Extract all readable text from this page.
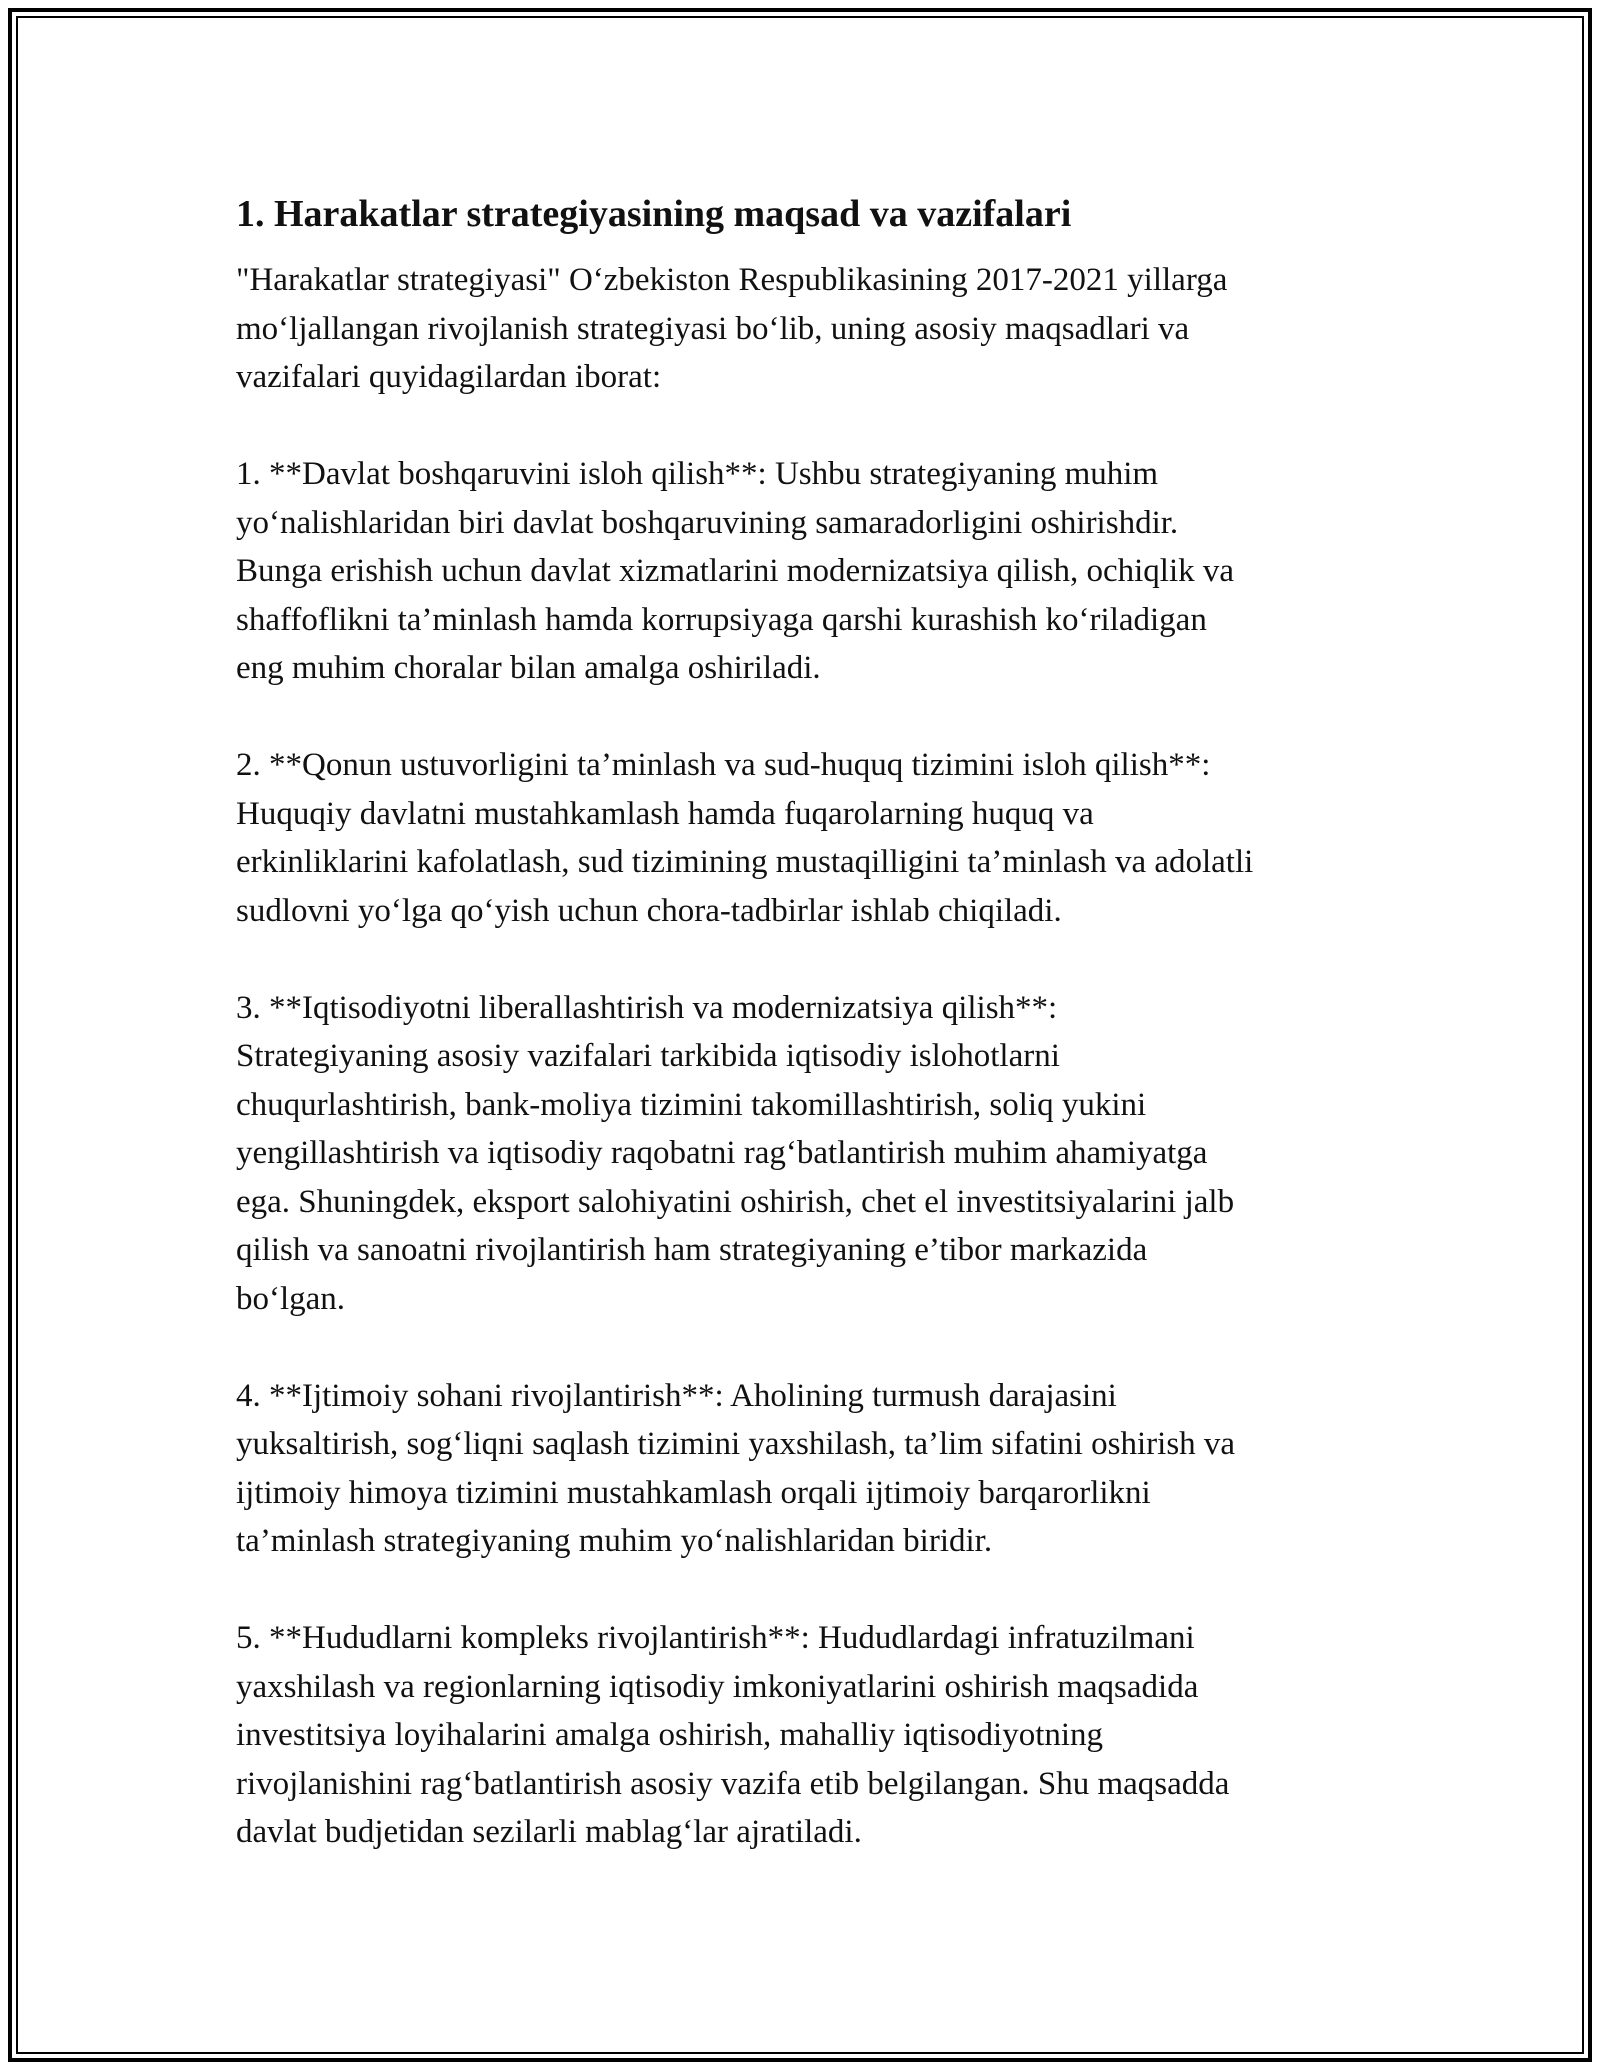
1. Harakatlar strategiyasining maqsad va vazifalari

"Harakatlar strategiyasi" O‘zbekiston Respublikasining 2017-2021 yillarga
mo‘ljallangan rivojlanish strategiyasi bo‘lib, uning asosiy maqsadlari va
vazifalari quyidagilardan iborat:

1. **Davlat boshqaruvini isloh qilish**: Ushbu strategiyaning muhim
yo‘nalishlaridan biri davlat boshqaruvining samaradorligini oshirishdir.
Bunga erishish uchun davlat xizmatlarini modernizatsiya qilish, ochiqlik va
shaffoflikni ta’minlash hamda korrupsiyaga qarshi kurashish ko‘riladigan
eng muhim choralar bilan amalga oshiriladi.

2. **Qonun ustuvorligini ta’minlash va sud-huquq tizimini isloh qilish**:
Huquqiy davlatni mustahkamlash hamda fuqarolarning huquq va
erkinliklarini kafolatlash, sud tizimining mustaqilligini ta’minlash va adolatli
sudlovni yo‘lga qo‘yish uchun chora-tadbirlar ishlab chiqiladi.

3. **Iqtisodiyotni liberallashtirish va modernizatsiya qilish**:
Strategiyaning asosiy vazifalari tarkibida iqtisodiy islohotlarni
chuqurlashtirish, bank-moliya tizimini takomillashtirish, soliq yukini
yengillashtirish va iqtisodiy raqobatni rag‘batlantirish muhim ahamiyatga
ega. Shuningdek, eksport salohiyatini oshirish, chet el investitsiyalarini jalb
qilish va sanoatni rivojlantirish ham strategiyaning e’tibor markazida
bo‘lgan.

4. **Ijtimoiy sohani rivojlantirish**: Aholining turmush darajasini
yuksaltirish, sog‘liqni saqlash tizimini yaxshilash, ta’lim sifatini oshirish va
ijtimoiy himoya tizimini mustahkamlash orqali ijtimoiy barqarorlikni
ta’minlash strategiyaning muhim yo‘nalishlaridan biridir.

5. **Hududlarni kompleks rivojlantirish**: Hududlardagi infratuzilmani
yaxshilash va regionlarning iqtisodiy imkoniyatlarini oshirish maqsadida
investitsiya loyihalarini amalga oshirish, mahalliy iqtisodiyotning
rivojlanishini rag‘batlantirish asosiy vazifa etib belgilangan. Shu maqsadda
davlat budjetidan sezilarli mablag‘lar ajratiladi.
